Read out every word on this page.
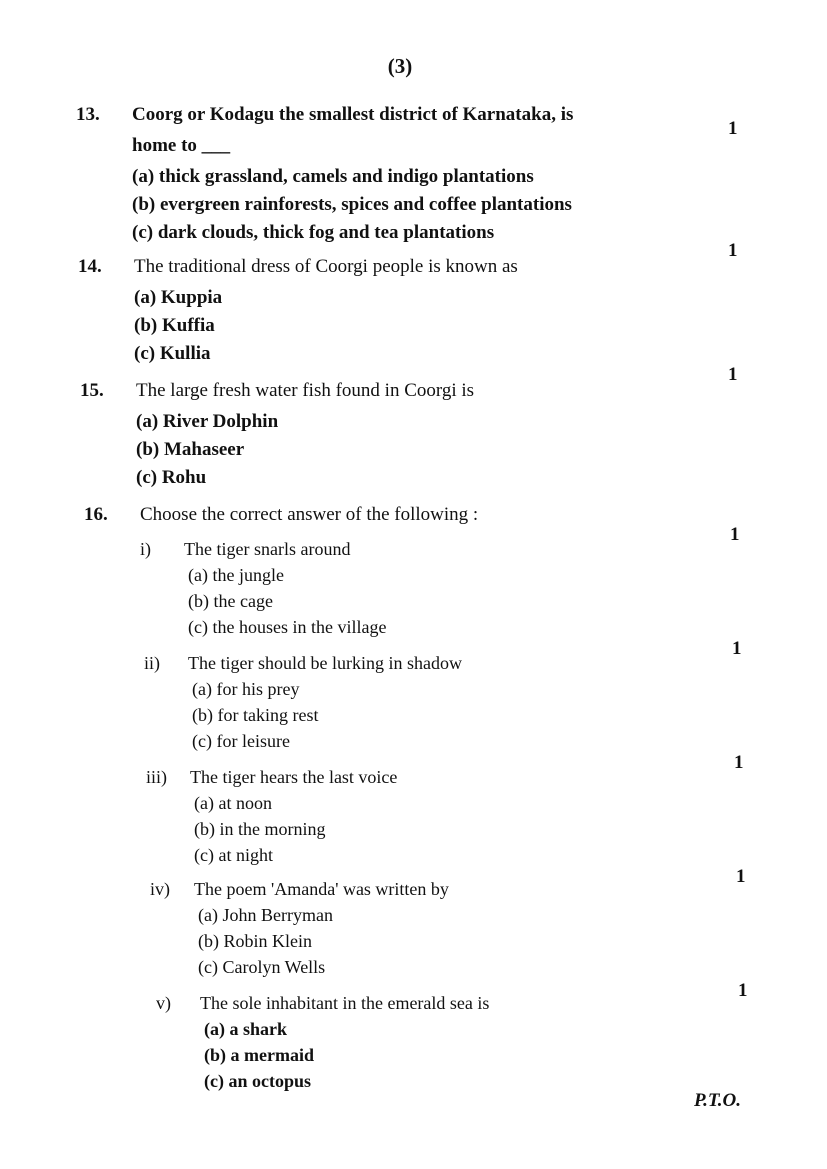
(3)
13. Coorg or Kodagu the smallest district of Karnataka, is
home to ___
(a) thick grassland, camels and indigo plantations
(b) evergreen rainforests, spices and coffee plantations
(c) dark clouds, thick fog and tea plantations
1
14. The traditional dress of Coorgi people is known as
(a) Kuppia
(b) Kuffia
(c) Kullia
1
15. The large fresh water fish found in Coorgi is
(a) River Dolphin
(b) Mahaseer
(c) Rohu
1
16. Choose the correct answer of the following :
i)	The tiger snarls around
(a) the jungle
(b) the cage
(c) the houses in the village
1
ii)	The tiger should be lurking in shadow
(a) for his prey
(b) for taking rest
(c) for leisure
1
iii)	The tiger hears the last voice
(a) at noon
(b) in the morning
(c) at night
1
iv)	The poem 'Amanda' was written by
(a) John Berryman
(b) Robin Klein
(c) Carolyn Wells
1
v)	The sole inhabitant in the emerald sea is
(a) a shark
(b) a mermaid
(c) an octopus
1
P.T.O.
